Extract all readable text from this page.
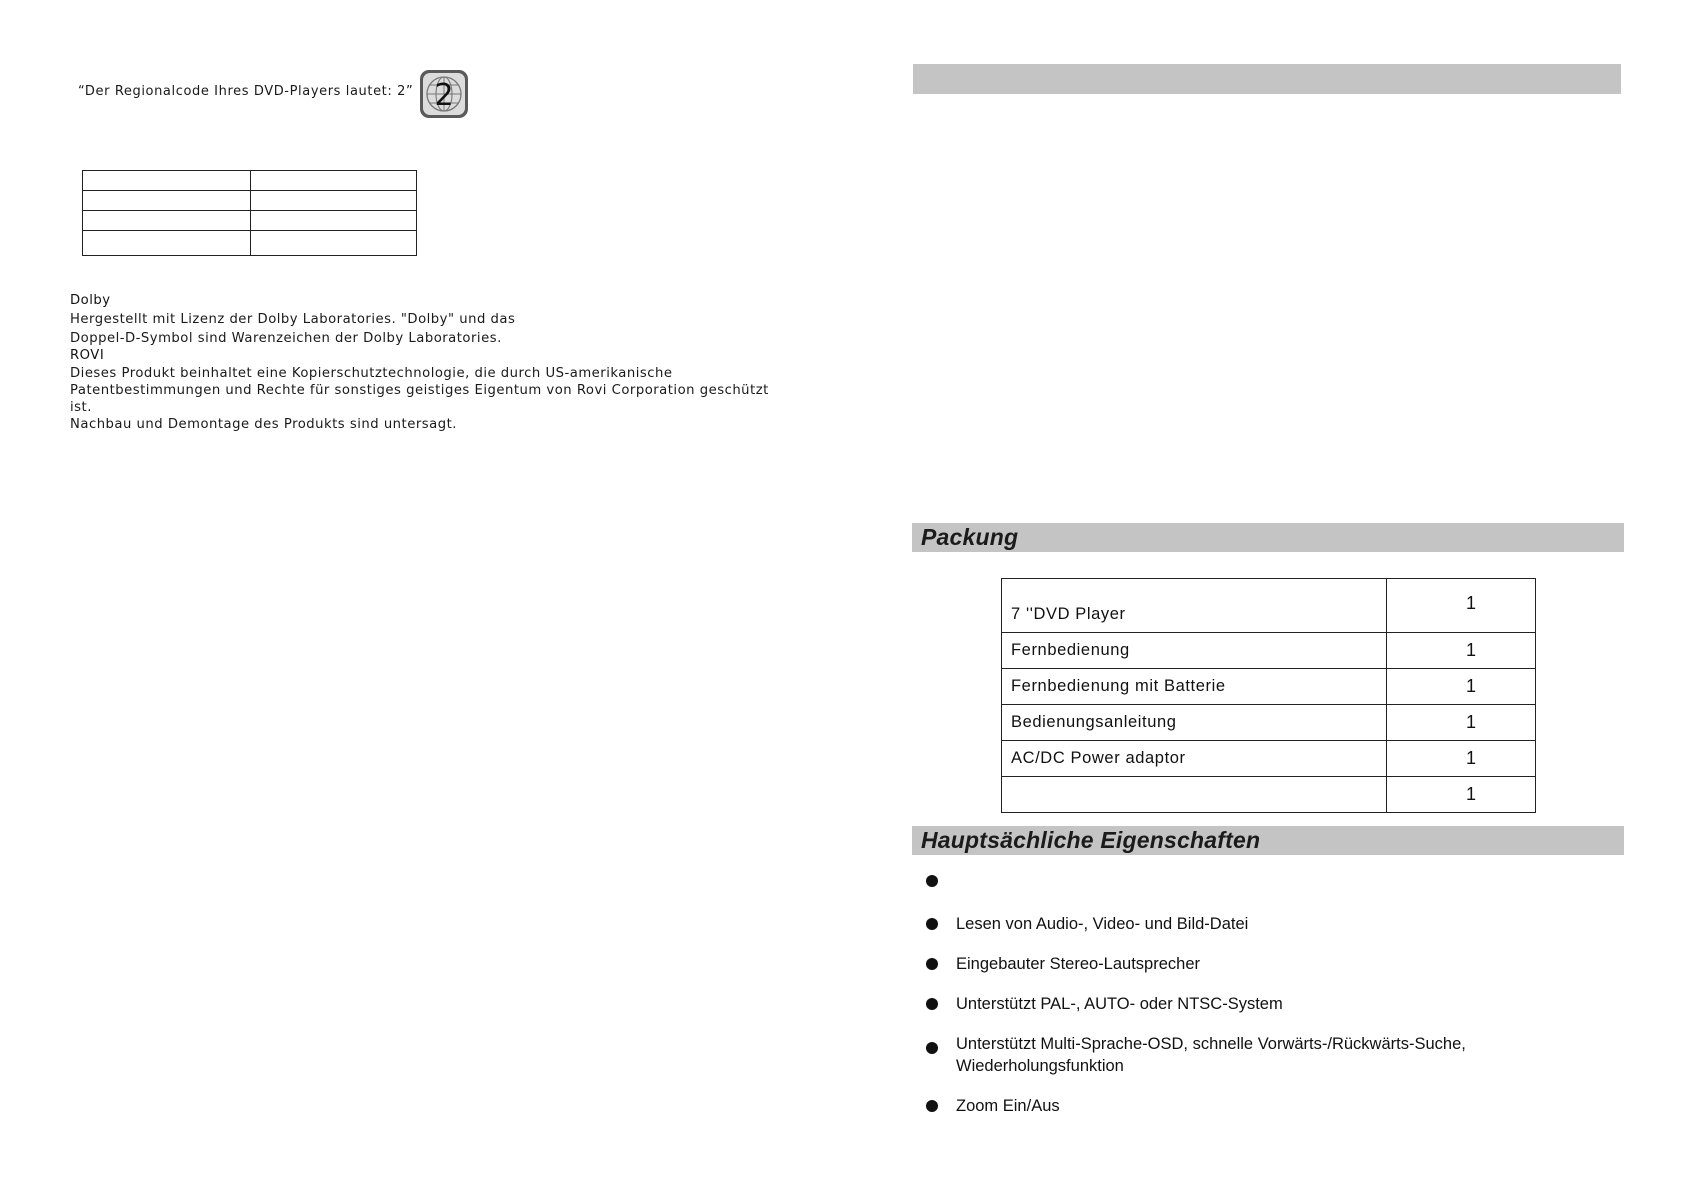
“Der Regionalcode Ihres DVD-Players lautet: 2” 2

Dolby

Hergestellt mit Lizenz der Dolby Laboratories. "Dolby" und das

Doppel-D-Symbol sind Warenzeichen der Dolby Laboratories.

ROVI

Dieses Produkt beinhaltet eine Kopierschutztechnologie, die durch US-amerikanische

Patentbestimmungen und Rechte für sonstiges geistiges Eigentum von Rovi Corporation geschützt ist.

Nachbau und Demontage des Produkts sind untersagt.

Packung
7 ''DVD Player	1
Fernbedienung	1
Fernbedienung mit Batterie	1
Bedienungsanleitung	1
AC/DC Power adaptor	1
	1
Hauptsächliche Eigenschaften
Lesen von Audio-, Video- und Bild-Datei
Eingebauter Stereo-Lautsprecher
Unterstützt PAL-, AUTO- oder NTSC-System
Unterstützt Multi-Sprache-OSD, schnelle Vorwärts-/Rückwärts-Suche, Wiederholungsfunktion
Zoom Ein/Aus
